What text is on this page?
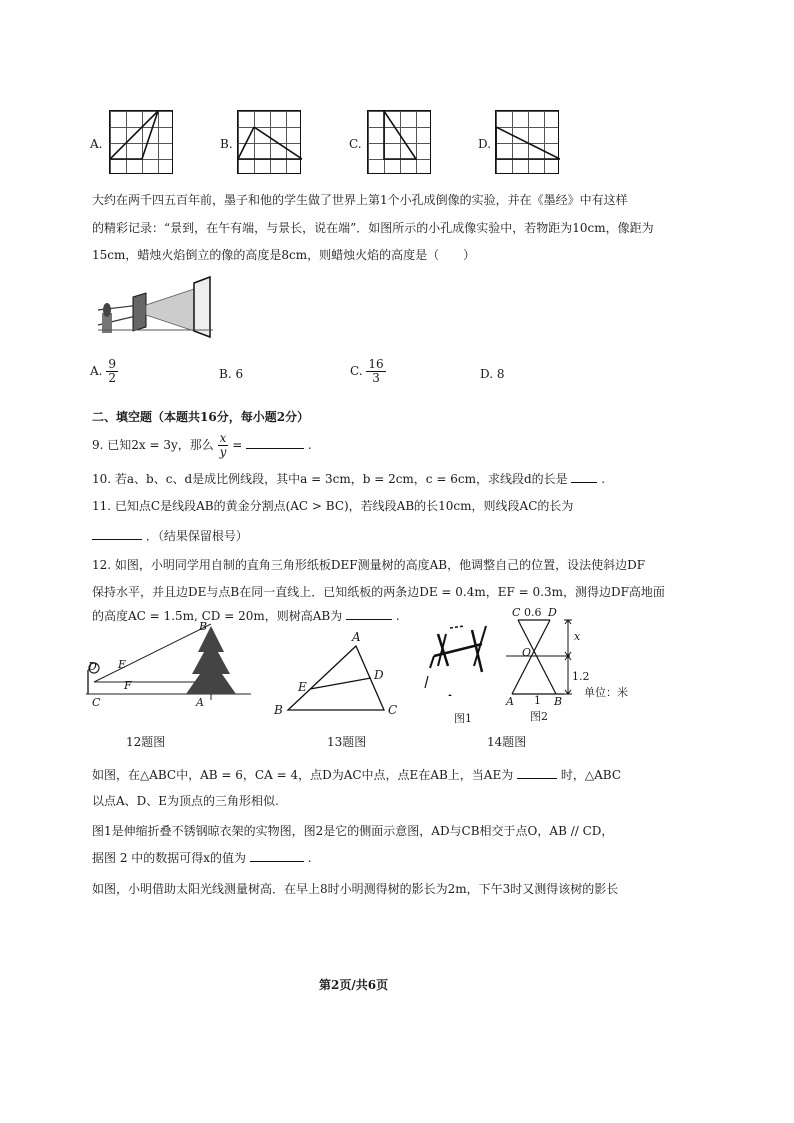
A.	B.	C.	D.
大约在两千四五百年前，墨子和他的学生做了世界上第1个小孔成倒像的实验，并在《墨经》中有这样
的精彩记录：“景到，在午有端，与景长，说在端”．如图所示的小孔成像实验中，若物距为10cm，像距为
15cm，蜡烛火焰倒立的像的高度是8cm，则蜡烛火焰的高度是（　　）
A. $\frac{9}{2}$	B. 6	C. $\frac{16}{3}$	D. 8
二、填空题（本题共16分，每小题2分）
9. 已知2x = 3y，那么 $\frac{x}{y}$ =	.
10. 若a、b、c、d是成比例线段，其中a = 3cm，b = 2cm，c = 6cm，求线段d的长是	.
11. 已知点C是线段AB的黄金分割点(AC > BC)，若线段AB的长10cm，则线段AC的长为
．（结果保留根号）
12. 如图，小明同学用自制的直角三角形纸板DEF测量树的高度AB，他调整自己的位置，设法使斜边DF
保持水平，并且边DE与点B在同一直线上．已知纸板的两条边DE = 0.4m，EF = 0.3m，测得边DF高地面
的高度AC = 1.5m, CD = 20m，则树高AB为	.
B
E
F
D
C	A
A
B	C
D
E
图1
C 0.6 D
x
O
1.2
A 1 B
单位：米
图2
12题图	13题图	14题图
如图，在△ABC中，AB = 6，CA = 4，点D为AC中点，点E在AB上，当AE为	时，△ABC
以点A、D、E为顶点的三角形相似.
图1是伸缩折叠不锈钢晾衣架的实物图，图2是它的侧面示意图，AD与CB相交于点O，AB // CD，
据图 2 中的数据可得x的值为	.
如图，小明借助太阳光线测量树高．在早上8时小明测得树的影长为2m，下午3时又测得该树的影长
第2页/共6页
